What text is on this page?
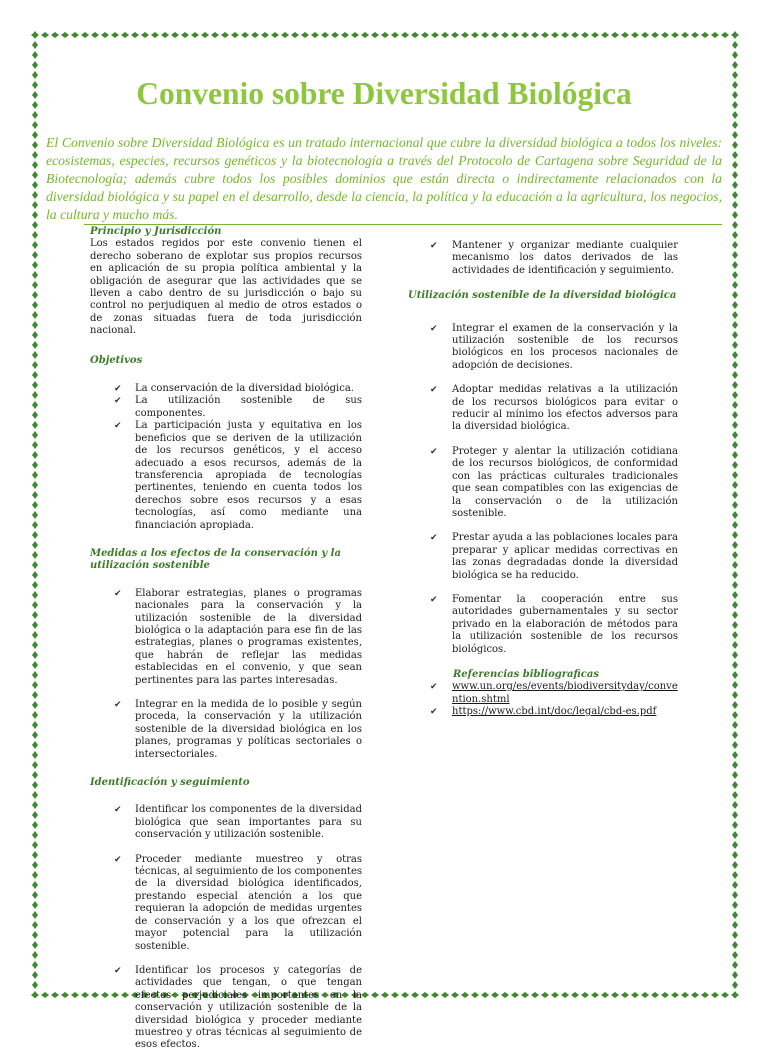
Convenio sobre Diversidad Biológica

El Convenio sobre Diversidad Biológica es un tratado internacional que cubre la diversidad biológica a todos los niveles: ecosistemas, especies, recursos genéticos y la biotecnología a través del Protocolo de Cartagena sobre Seguridad de la Biotecnología; además cubre todos los posibles dominios que están directa o indirectamente relacionados con la diversidad biológica y su papel en el desarrollo, desde la ciencia, la política y la educación a la agricultura, los negocios, la cultura y mucho más.

Principio y Jurisdicción

Los estados regidos por este convenio tienen el derecho soberano de explotar sus propios recursos en aplicación de su propia política ambiental y la obligación de asegurar que las actividades que se lleven a cabo dentro de su jurisdicción o bajo su control no perjudiquen al medio de otros estados o de zonas situadas fuera de toda jurisdicción nacional.

Objetivos

✔	La conservación de la diversidad biológica.
✔	La utilización sostenible de sus componentes.
✔	La participación justa y equitativa en los beneficios que se deriven de la utilización de los recursos genéticos, y el acceso adecuado a esos recursos, además de la transferencia apropiada de tecnologías pertinentes, teniendo en cuenta todos los derechos sobre esos recursos y a esas tecnologías, así como mediante una financiación apropiada.

Medidas a los efectos de la conservación y la utilización sostenible

✔	Elaborar estrategias, planes o programas nacionales para la conservación y la utilización sostenible de la diversidad biológica o la adaptación para ese fin de las estrategias, planes o programas existentes, que habrán de reflejar las medidas establecidas en el convenio, y que sean pertinentes para las partes interesadas.
✔	Integrar en la medida de lo posible y según proceda, la conservación y la utilización sostenible de la diversidad biológica en los planes, programas y políticas sectoriales o intersectoriales.

Identificación y seguimiento

✔	Identificar los componentes de la diversidad biológica que sean importantes para su conservación y utilización sostenible.
✔	Proceder mediante muestreo y otras técnicas, al seguimiento de los componentes de la diversidad biológica identificados, prestando especial atención a los que requieran la adopción de medidas urgentes de conservación y a los que ofrezcan el mayor potencial para la utilización sostenible.
✔	Identificar los procesos y categorías de actividades que tengan, o que tengan efectos perjudiciales importantes en la conservación y utilización sostenible de la diversidad biológica y proceder mediante muestreo y otras técnicas al seguimiento de esos efectos.
✔	Mantener y organizar mediante cualquier mecanismo los datos derivados de las actividades de identificación y seguimiento.

Utilización sostenible de la diversidad biológica

✔	Integrar el examen de la conservación y la utilización sostenible de los recursos biológicos en los procesos nacionales de adopción de decisiones.
✔	Adoptar medidas relativas a la utilización de los recursos biológicos para evitar o reducir al mínimo los efectos adversos para la diversidad biológica.
✔	Proteger y alentar la utilización cotidiana de los recursos biológicos, de conformidad con las prácticas culturales tradicionales que sean compatibles con las exigencias de la conservación o de la utilización sostenible.
✔	Prestar ayuda a las poblaciones locales para preparar y aplicar medidas correctivas en las zonas degradadas donde la diversidad biológica se ha reducido.
✔	Fomentar la cooperación entre sus autoridades gubernamentales y su sector privado en la elaboración de métodos para la utilización sostenible de los recursos biológicos.

Referencias bibliograficas

✔	www.un.org/es/events/biodiversityday/convention.shtml
✔	https://www.cbd.int/doc/legal/cbd-es.pdf
